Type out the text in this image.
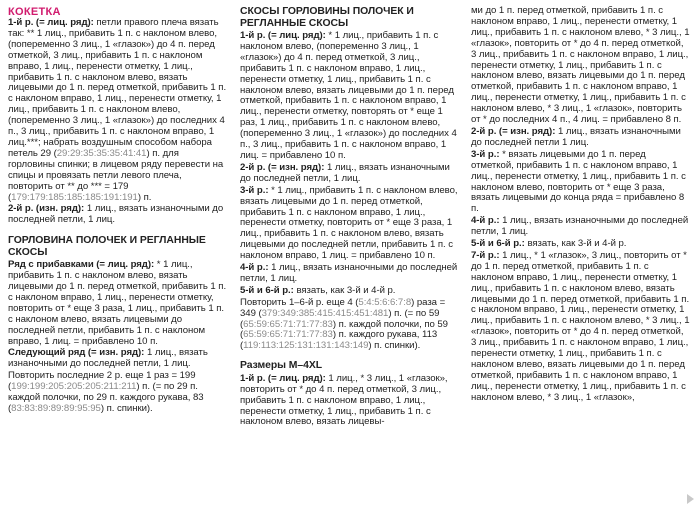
КОКЕТКА

1-й р. (= лиц. ряд): петли правого плеча вязать так: ** 1 лиц., прибавить 1 п. с наклоном влево, (попеременно 3 лиц., 1 «глазок») до 4 п. перед отметкой, 3 лиц., прибавить 1 п. с наклоном вправо, 1 лиц., перенести отметку, 1 лиц., прибавить 1 п. с наклоном влево, вязать лицевыми до 1 п. перед отметкой, прибавить 1 п. с наклоном вправо, 1 лиц., перенести отметку, 1 лиц., прибавить 1 п. с наклоном влево, (попеременно 3 лиц., 1 «глазок») до последних 4 п., 3 лиц., прибавить 1 п. с наклоном вправо, 1 лиц.***; набрать воздушным способом набора петель 29 (29:29:35:35:35:41:41) п. для горловины спинки; в лицевом ряду перевести на спицы и провязать петли левого плеча, повторить от ** до *** = 179 (179:179:185:185:185:191:191) п.

2-й р. (изн. ряд): 1 лиц., вязать изнаночными до последней петли, 1 лиц.

ГОРЛОВИНА ПОЛОЧЕК И РЕГЛАННЫЕ СКОСЫ

Ряд с прибавками (= лиц. ряд): * 1 лиц., прибавить 1 п. с наклоном влево, вязать лицевыми до 1 п. перед отметкой, прибавить 1 п. с наклоном вправо, 1 лиц., перенести отметку, повторить от * еще 3 раза, 1 лиц., прибавить 1 п. с наклоном влево, вязать лицевыми до последней петли, прибавить 1 п. с наклоном вправо, 1 лиц. = прибавлено 10 п.

Следующий ряд (= изн. ряд): 1 лиц., вязать изнаночными до последней петли, 1 лиц.

Повторить последние 2 р. еще 1 раз = 199 (199:199:205:205:205:211:211) п. (= по 29 п. каждой полочки, по 29 п. каждого рукава, 83 (83:83:89:89:89:95:95) п. спинки).

СКОСЫ ГОРЛОВИНЫ ПОЛОЧЕК И РЕГЛАННЫЕ СКОСЫ

1-й р. (= лиц. ряд): * 1 лиц., прибавить 1 п. с наклоном влево, (попеременно 3 лиц., 1 «глазок») до 4 п. перед отметкой, 3 лиц., прибавить 1 п. с наклоном вправо, 1 лиц., перенести отметку, 1 лиц., прибавить 1 п. с наклоном влево, вязать лицевыми до 1 п. перед отметкой, прибавить 1 п. с наклоном вправо, 1 лиц., перенести отметку, повторять от * еще 1 раз, 1 лиц., прибавить 1 п. с наклоном влево, (попеременно 3 лиц., 1 «глазок») до последних 4 п., 3 лиц., прибавить 1 п. с наклоном вправо, 1 лиц. = прибавлено 10 п.

2-й р. (= изн. ряд): 1 лиц., вязать изнаночными до последней петли, 1 лиц.

3-й р.: * 1 лиц., прибавить 1 п. с наклоном влево, вязать лицевыми до 1 п. перед отметкой, прибавить 1 п. с наклоном вправо, 1 лиц., перенести отметку, повторить от * еще 3 раза, 1 лиц., прибавить 1 п. с наклоном влево, вязать лицевыми до последней петли, прибавить 1 п. с наклоном вправо, 1 лиц. = прибавлено 10 п.

4-й р.: 1 лиц., вязать изнаночными до последней петли, 1 лиц.

5-й и 6-й р.: вязать, как 3-й и 4-й р.

Повторить 1–6-й р. еще 4 (5:4:5:6:6:7:8) раза = 349 (379:349:385:415:415:451:481) п. (= по 59 (65:59:65:71:71:77:83) п. каждой полочки, по 59 (65:59:65:71:71:77:83) п. каждого рукава, 113 (119:113:125:131:131:143:149) п. спинки).

Размеры M–4XL

1-й р. (= лиц. ряд): 1 лиц., * 3 лиц., 1 «глазок», повторить от * до 4 п. перед отметкой, 3 лиц., прибавить 1 п. с наклоном вправо, 1 лиц., перенести отметку, 1 лиц., прибавить 1 п. с наклоном влево, вязать лицевы-

ми до 1 п. перед отметкой, прибавить 1 п. с наклоном вправо, 1 лиц., перенести отметку, 1 лиц., прибавить 1 п. с наклоном влево, * 3 лиц., 1 «глазок», повторить от * до 4 п. перед отметкой, 3 лиц., прибавить 1 п. с наклоном вправо, 1 лиц., перенести отметку, 1 лиц., прибавить 1 п. с наклоном влево, вязать лицевыми до 1 п. перед отметкой, прибавить 1 п. с наклоном вправо, 1 лиц., перенести отметку, 1 лиц., прибавить 1 п. с наклоном влево, * 3 лиц., 1 «глазок», повторить от * до последних 4 п., 4 лиц. = прибавлено 8 п.

2-й р. (= изн. ряд): 1 лиц., вязать изнаночными до последней петли 1 лиц.

3-й р.: * вязать лицевыми до 1 п. перед отметкой, прибавить 1 п. с наклоном вправо, 1 лиц., перенести отметку, 1 лиц., прибавить 1 п. с наклоном влево, повторить от * еще 3 раза, вязать лицевыми до конца ряда = прибавлено 8 п.

4-й р.: 1 лиц., вязать изнаночными до последней петли, 1 лиц.

5-й и 6-й р.: вязать, как 3-й и 4-й р.

7-й р.: 1 лиц., * 1 «глазок», 3 лиц., повторить от * до 1 п. перед отметкой, прибавить 1 п. с наклоном вправо, 1 лиц., перенести отметку, 1 лиц., прибавить 1 п. с наклоном влево, вязать лицевыми до 1 п. перед отметкой, прибавить 1 п. с наклоном вправо, 1 лиц., перенести отметку, 1 лиц., прибавить 1 п. с наклоном влево, * 3 лиц., 1 «глазок», повторить от * до 4 п. перед отметкой, 3 лиц., прибавить 1 п. с наклоном вправо, 1 лиц., перенести отметку, 1 лиц., прибавить 1 п. с наклоном влево, вязать лицевыми до 1 п. перед отметкой, прибавить 1 п. с наклоном вправо, 1 лиц., перенести отметку, 1 лиц., прибавить 1 п. с наклоном влево, * 3 лиц., 1 «глазок»,
